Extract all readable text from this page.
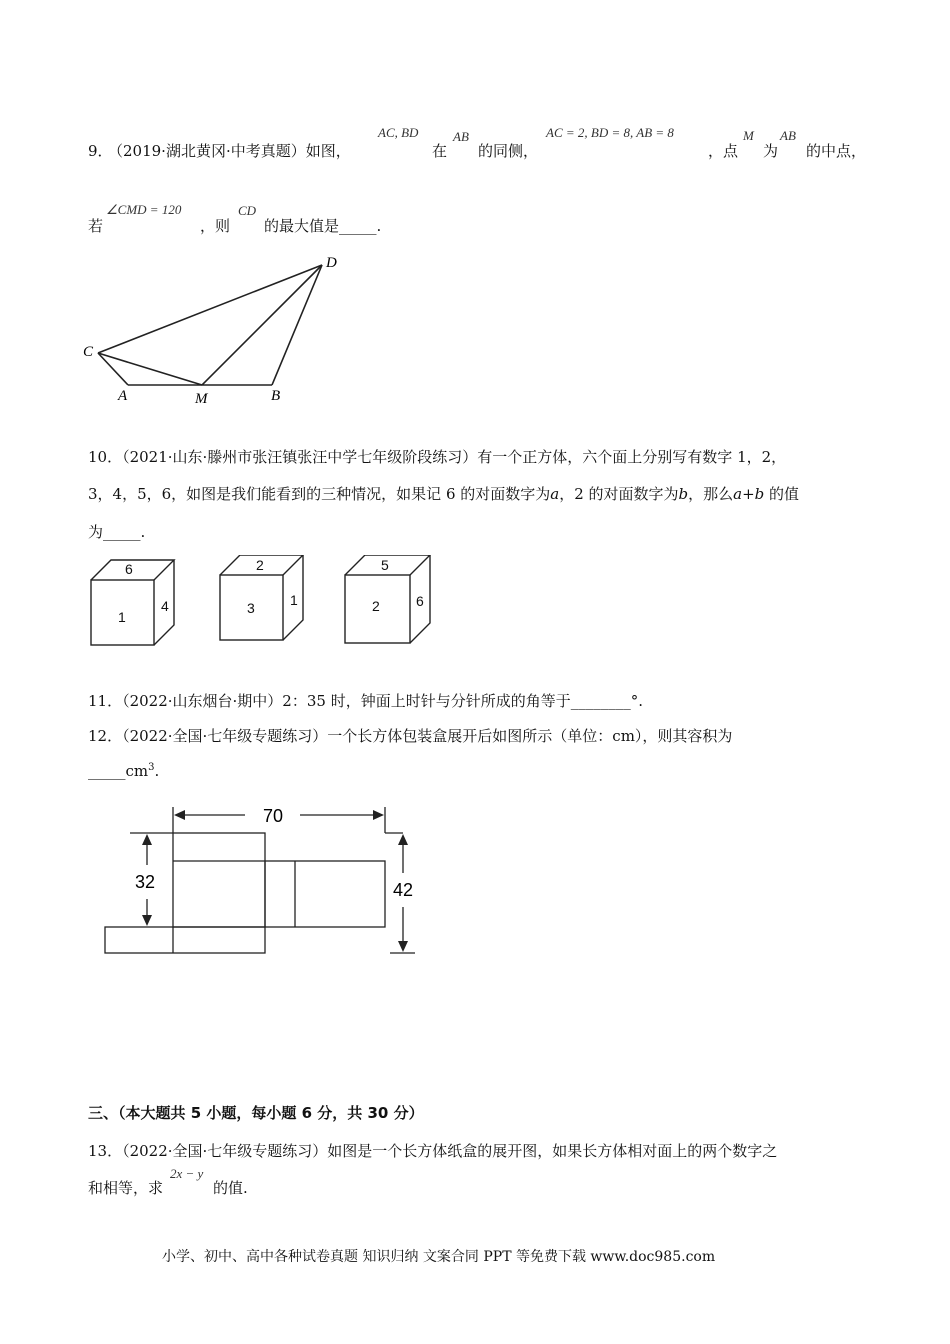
9．
（2019·湖北黄冈·中考真题）如图，
AC, BD
在
AB
的同侧，
AC = 2, BD = 8, AB = 8
，点
M
为
AB
的中点，
若
∠CMD = 120
，则
CD
的最大值是_____.
D
C
A	M	B
10．（2021·山东·滕州市张汪镇张汪中学七年级阶段练习）有一个正方体，六个面上分别写有数字 1，2，
3，4，5，6，如图是我们能看到的三种情况，如果记 6 的对面数字为a，2 的对面数字为b，那么a+b 的值
为_____.
6
1
4
2
3	1
5
2	6
11．（2022·山东烟台·期中）2：35 时，钟面上时针与分针所成的角等于________°.
12．（2022·全国·七年级专题练习）一个长方体包装盒展开后如图所示（单位：cm），则其容积为
$\_\_\_\_\_cm^3$.
70
32	42
三、（本大题共 5 小题，每小题 6 分，共 30 分）
13．（2022·全国·七年级专题练习）如图是一个长方体纸盒的展开图，如果长方体相对面上的两个数字之
和相等，求
2x − y
的值.
小学、初中、高中各种试卷真题 知识归纳 文案合同 PPT 等免费下载 www.doc985.com
